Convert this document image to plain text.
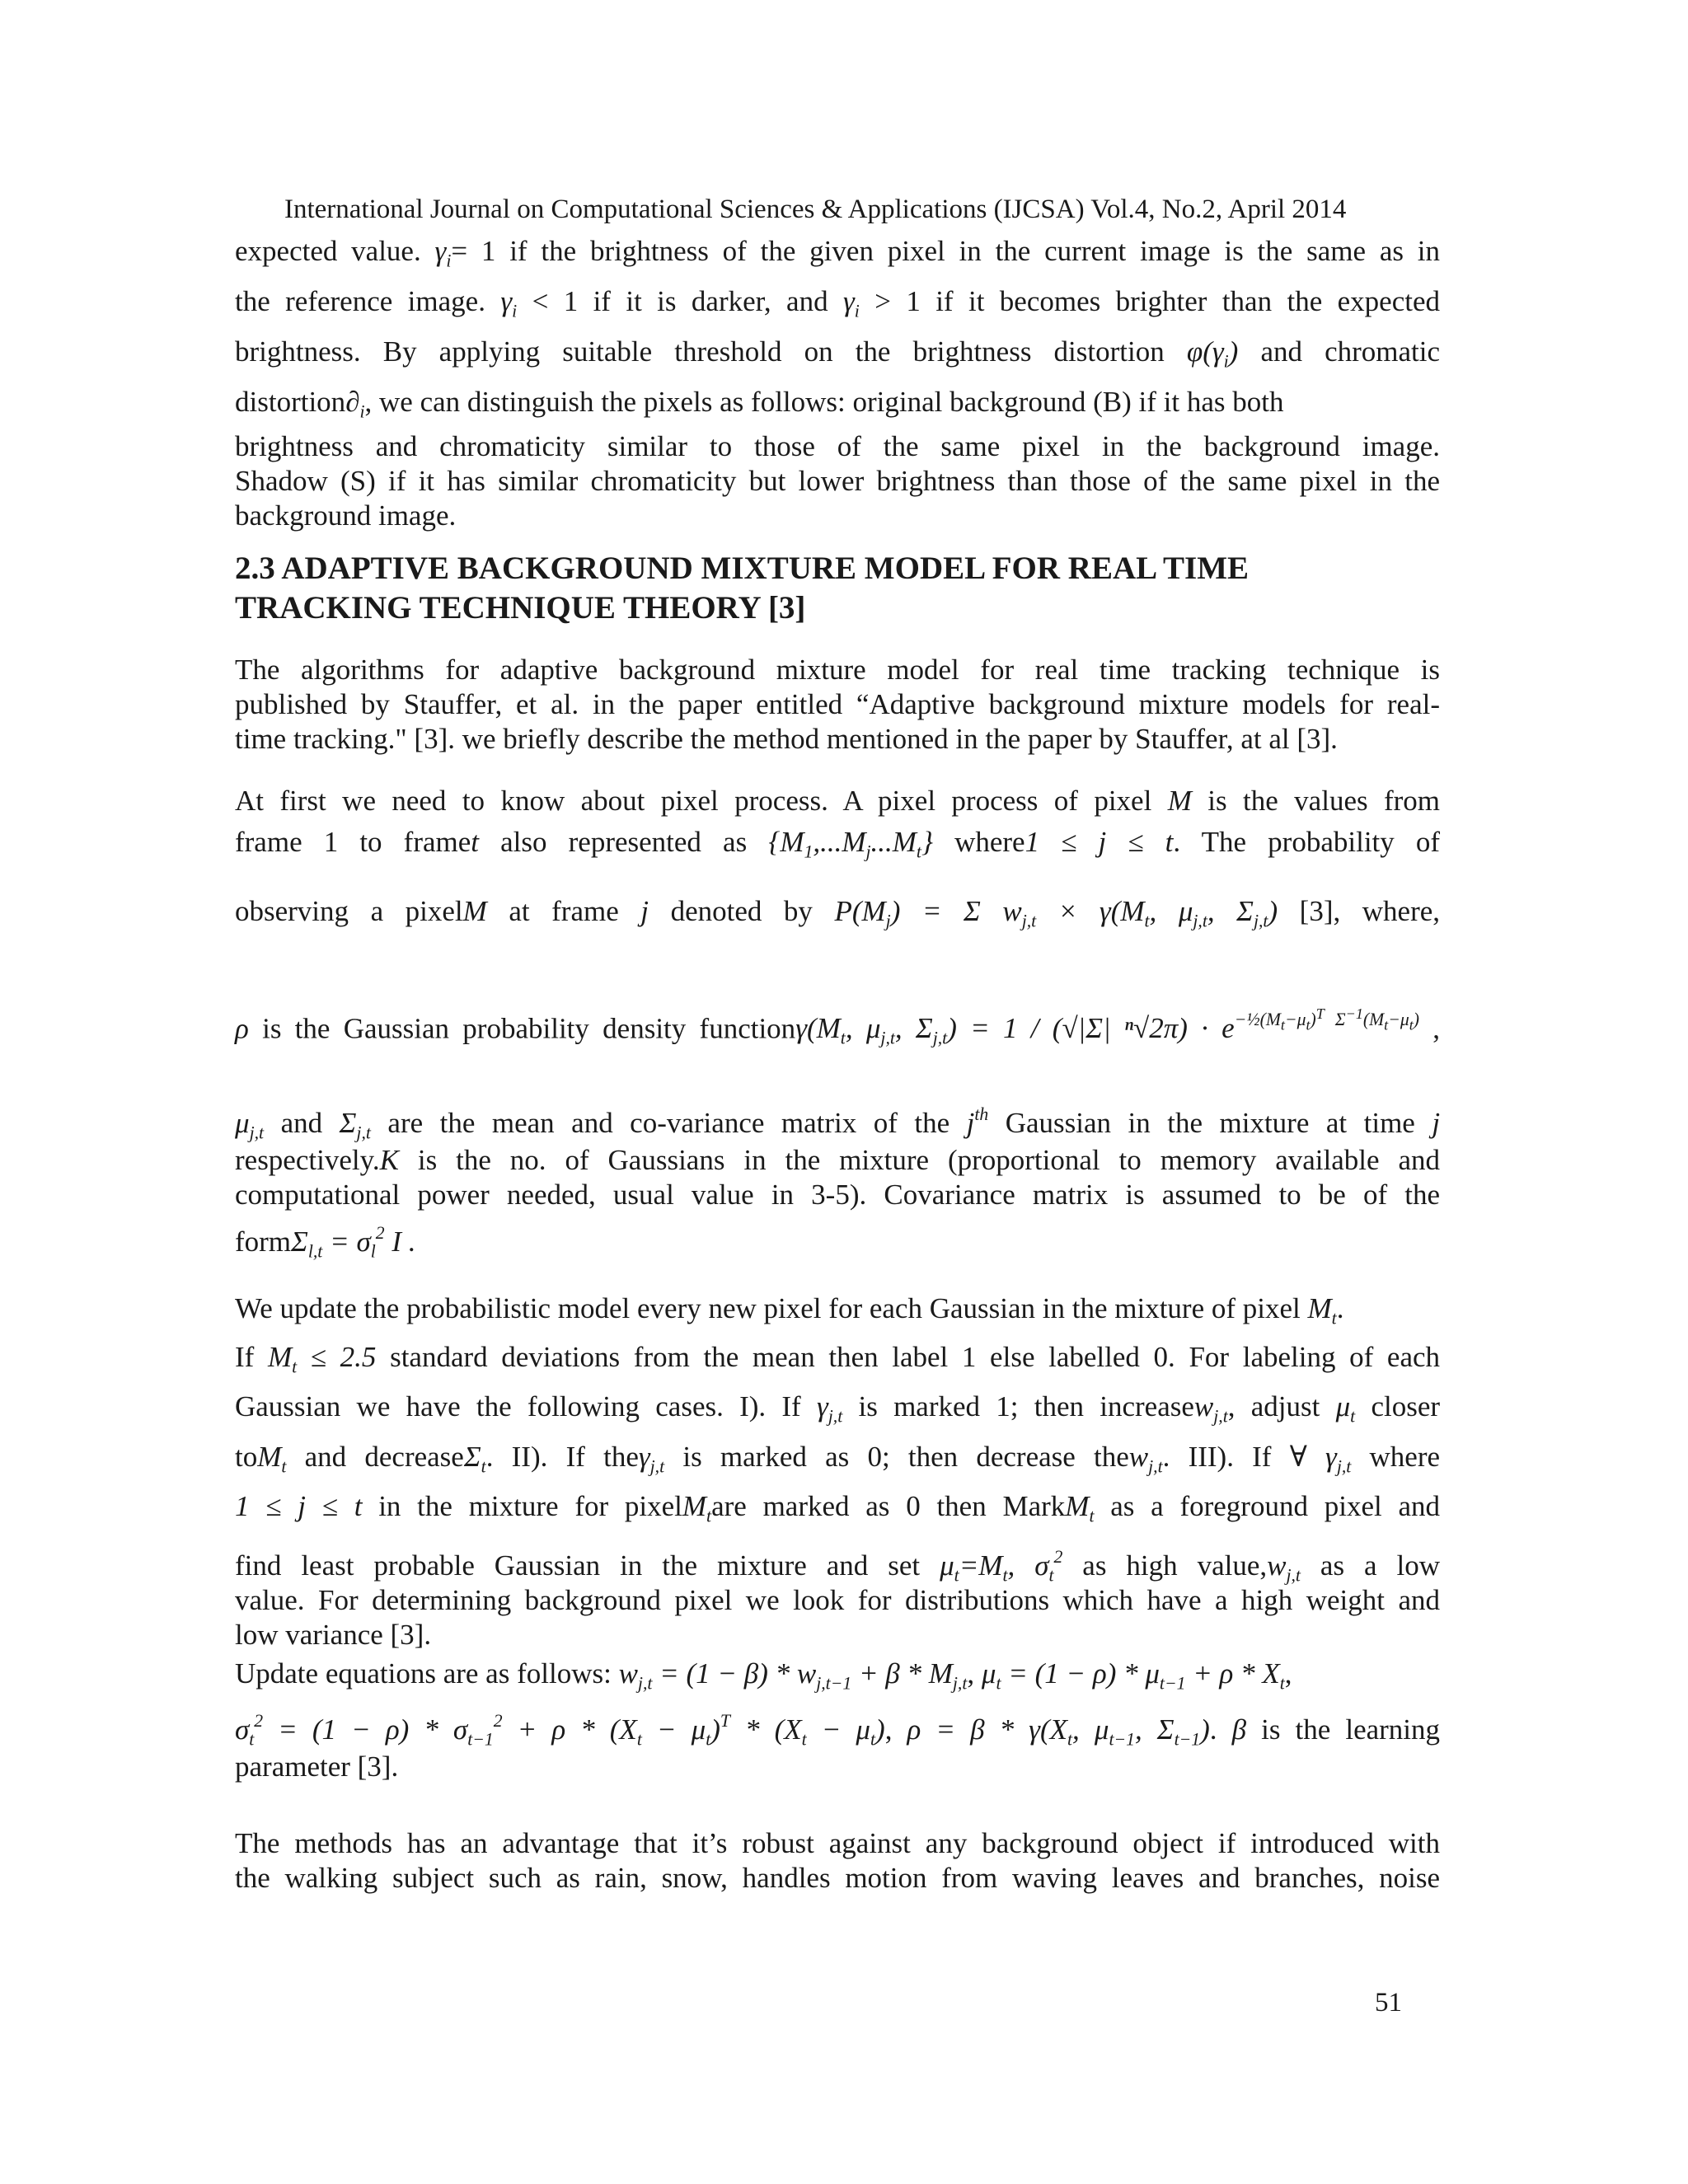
International Journal on Computational Sciences & Applications (IJCSA) Vol.4, No.2, April 2014
expected value. $\gamma_i= 1$ if the brightness of the given pixel in the current image is the same as in
the reference image. $\gamma_i < 1$ if it is darker, and $\gamma_i > 1$ if it becomes brighter than the expected
brightness. By applying suitable threshold on the brightness distortion $\varphi(\gamma_i)$ and chromatic
$distortion\partial_i$, we can distinguish the pixels as follows: original background (B) if it has both
brightness and chromaticity similar to those of the same pixel in the background image.
Shadow (S) if it has similar chromaticity but lower brightness than those of the same pixel in the
background image.
2.3 ADAPTIVE BACKGROUND MIXTURE MODEL FOR REAL TIME
TRACKING TECHNIQUE THEORY [3]
The algorithms for adaptive background mixture model for real time tracking technique is
published by Stauffer, et al. in the paper entitled “Adaptive background mixture models for real-
time tracking." [3]. we briefly describe the method mentioned in the paper by Stauffer, at al [3].
At first we need to know about pixel process. A pixel process of pixel M is the values from
frame 1 to framet also represented as $\{M_1,...M_j...M_t\}$ where1 ≤ j ≤ t. The probability of
observing a pixelM at frame j denoted by $P(M_j) = \Sigma$ $w_{j,t} \times \gamma(M_t$, $\mu_{j,t}$, $\Sigma_{j,t}$) [3], where,
ρ is the Gaussian probability density $function\gamma(M_t$, $\mu_{j,t}$, $\Sigma_{j,t}) = 1 / (√|\Sigma|$ $^n√2\pi) \cdot e^{-\frac{1}{2}(M_t-\mu_t)^T \Sigma^{-1}(M_t-\mu_t)}$ ,
$\mu_{j,t}$ and $\Sigma_{j,t}$ are the mean and co-variance matrix of the $j^{th}$ Gaussian in the mixture at time j
respectively.K is the no. of Gaussians in the mixture (proportional to memory available and
computational power needed, usual value in 3-5). Covariance matrix is assumed to be of the
formΣ$_{l,t}$ = $\sigma_l^2$ I .
We update the probabilistic model every new pixel for each Gaussian in the mixture of pixel $M_t$.
If $M_t \le 2.5$ standard deviations from the mean then label 1 else labelled 0. For labeling of each
Gaussian we have the following cases. I). If $\gamma_{j,t}$ is marked 1; then increasew$_{j,t}$, adjust $\mu_t$ closer
toM$_t$ and decreaseΣ$_t$. II). If theγ$_{j,t}$ is marked as 0; then decrease thew$_{j,t}$. III). If ∀ $\gamma_{j,t}$ where
1 ≤ j ≤ t in the mixture for pixelM$_t$are marked as 0 then MarkM$_t$ as a foreground pixel and
find least probable Gaussian in the mixture and set $\mu_t=M_t$, $\sigma_t^2$ as high $value,w_{j,t}$ as a low
value. For determining background pixel we look for distributions which have a high weight and
low variance [3].
Update equations are as follows: $w_{j,t} = (1 - \beta) * w_{j,t-1} + \beta * M_{j,t}$, $\mu_t = (1 - \rho) * \mu_{t-1} + \rho * X_t$,
$\sigma_t^2 = (1 - \rho) * \sigma_{t-1}^2 + \rho * (X_t - \mu_t)^T * (X_t - \mu_t)$, $\rho = \beta * \gamma(X_t$, $\mu_{t-1}$, $\Sigma_{t-1}$). β is the learning
parameter [3].
The methods has an advantage that it’s robust against any background object if introduced with
the walking subject such as rain, snow, handles motion from waving leaves and branches, noise
51
